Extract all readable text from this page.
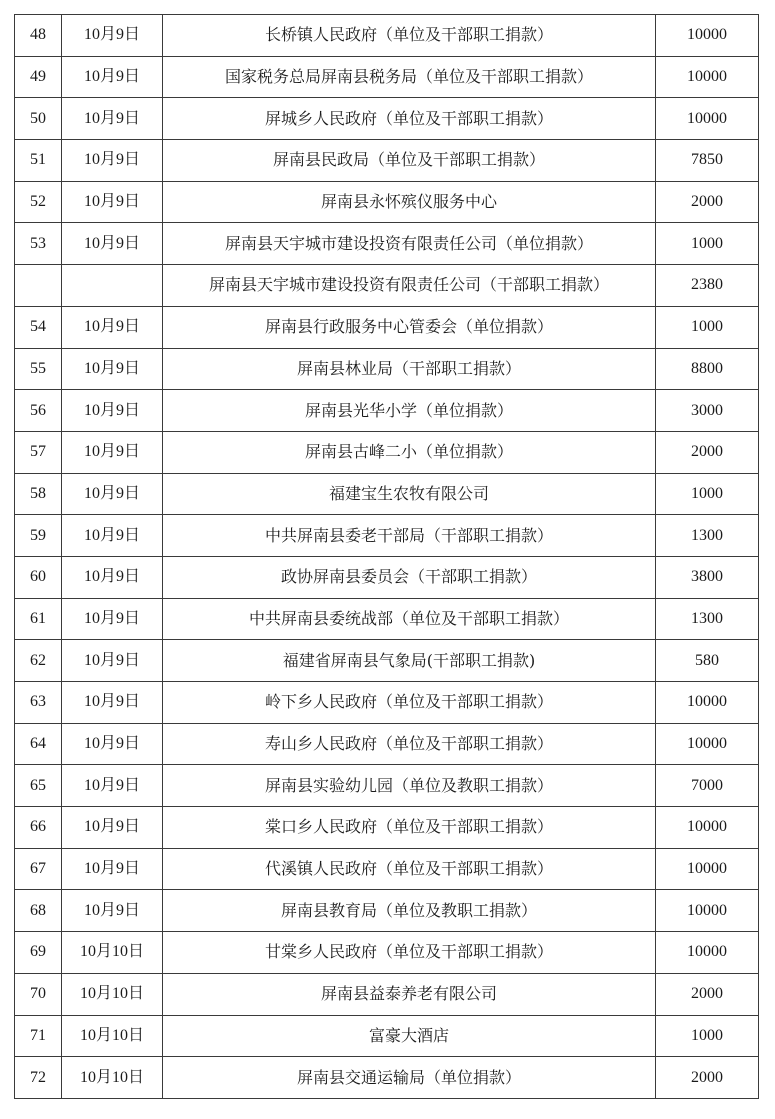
48	10月9日	长桥镇人民政府（单位及干部职工捐款）	10000
49	10月9日	国家税务总局屏南县税务局（单位及干部职工捐款）	10000
50	10月9日	屏城乡人民政府（单位及干部职工捐款）	10000
51	10月9日	屏南县民政局（单位及干部职工捐款）	7850
52	10月9日	屏南县永怀殡仪服务中心	2000
53	10月9日	屏南县天宇城市建设投资有限责任公司（单位捐款）	1000
		屏南县天宇城市建设投资有限责任公司（干部职工捐款）	2380
54	10月9日	屏南县行政服务中心管委会（单位捐款）	1000
55	10月9日	屏南县林业局（干部职工捐款）	8800
56	10月9日	屏南县光华小学（单位捐款）	3000
57	10月9日	屏南县古峰二小（单位捐款）	2000
58	10月9日	福建宝生农牧有限公司	1000
59	10月9日	中共屏南县委老干部局（干部职工捐款）	1300
60	10月9日	政协屏南县委员会（干部职工捐款）	3800
61	10月9日	中共屏南县委统战部（单位及干部职工捐款）	1300
62	10月9日	福建省屏南县气象局(干部职工捐款)	580
63	10月9日	岭下乡人民政府（单位及干部职工捐款）	10000
64	10月9日	寿山乡人民政府（单位及干部职工捐款）	10000
65	10月9日	屏南县实验幼儿园（单位及教职工捐款）	7000
66	10月9日	棠口乡人民政府（单位及干部职工捐款）	10000
67	10月9日	代溪镇人民政府（单位及干部职工捐款）	10000
68	10月9日	屏南县教育局（单位及教职工捐款）	10000
69	10月10日	甘棠乡人民政府（单位及干部职工捐款）	10000
70	10月10日	屏南县益泰养老有限公司	2000
71	10月10日	富豪大酒店	1000
72	10月10日	屏南县交通运输局（单位捐款）	2000
